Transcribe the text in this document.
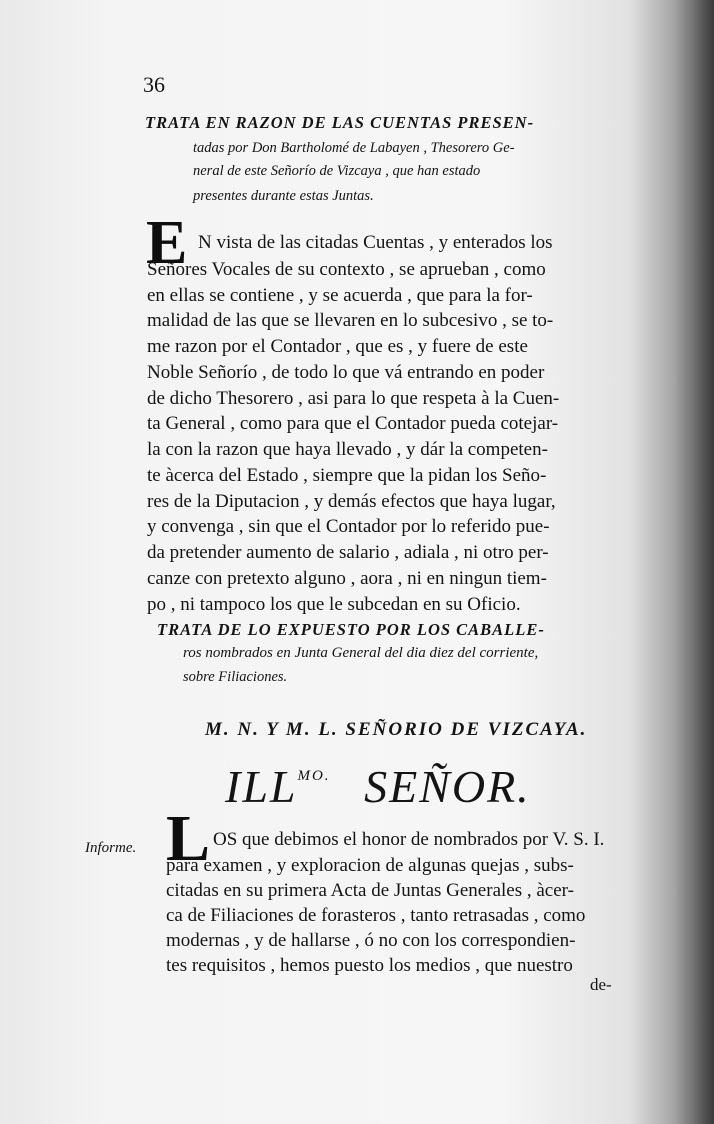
36
TRATA EN RAZON DE LAS CUENTAS PRESEN-
tadas por Don Bartholomé de Labayen , Thesorero Ge-
neral de este Señorío de Vizcaya , que han estado
presentes durante estas Juntas.
E N vista de las citadas Cuentas , y enterados los
Señores Vocales de su contexto , se aprueban , como
en ellas se contiene , y se acuerda , que para la for-
malidad de las que se llevaren en lo subcesivo , se to-
me razon por el Contador , que es , y fuere de este
Noble Señorío , de todo lo que vá entrando en poder
de dicho Thesorero , asi para lo que respeta à la Cuen-
ta General , como para que el Contador pueda cotejar-
la con la razon que haya llevado , y dár la competen-
te àcerca del Estado , siempre que la pidan los Seño-
res de la Diputacion , y demás efectos que haya lugar,
y convenga , sin que el Contador por lo referido pue-
da pretender aumento de salario , adiala , ni otro per-
canze con pretexto alguno , aora , ni en ningun tiem-
po , ni tampoco los que le subcedan en su Oficio.
TRATA DE LO EXPUESTO POR LOS CABALLE-
ros nombrados en Junta General del dia diez del corriente,
sobre Filiaciones.
M. N. Y M. L. SEÑORIO DE VIZCAYA.
$ILL^{MO.}$ SEÑOR.
Informe. L OS que debimos el honor de nombrados por V. S. I.
para examen , y exploracion de algunas quejas , subs-
citadas en su primera Acta de Juntas Generales , àcer-
ca de Filiaciones de forasteros , tanto retrasadas , como
modernas , y de hallarse , ó no con los correspondien-
tes requisitos , hemos puesto los medios , que nuestro
de-
